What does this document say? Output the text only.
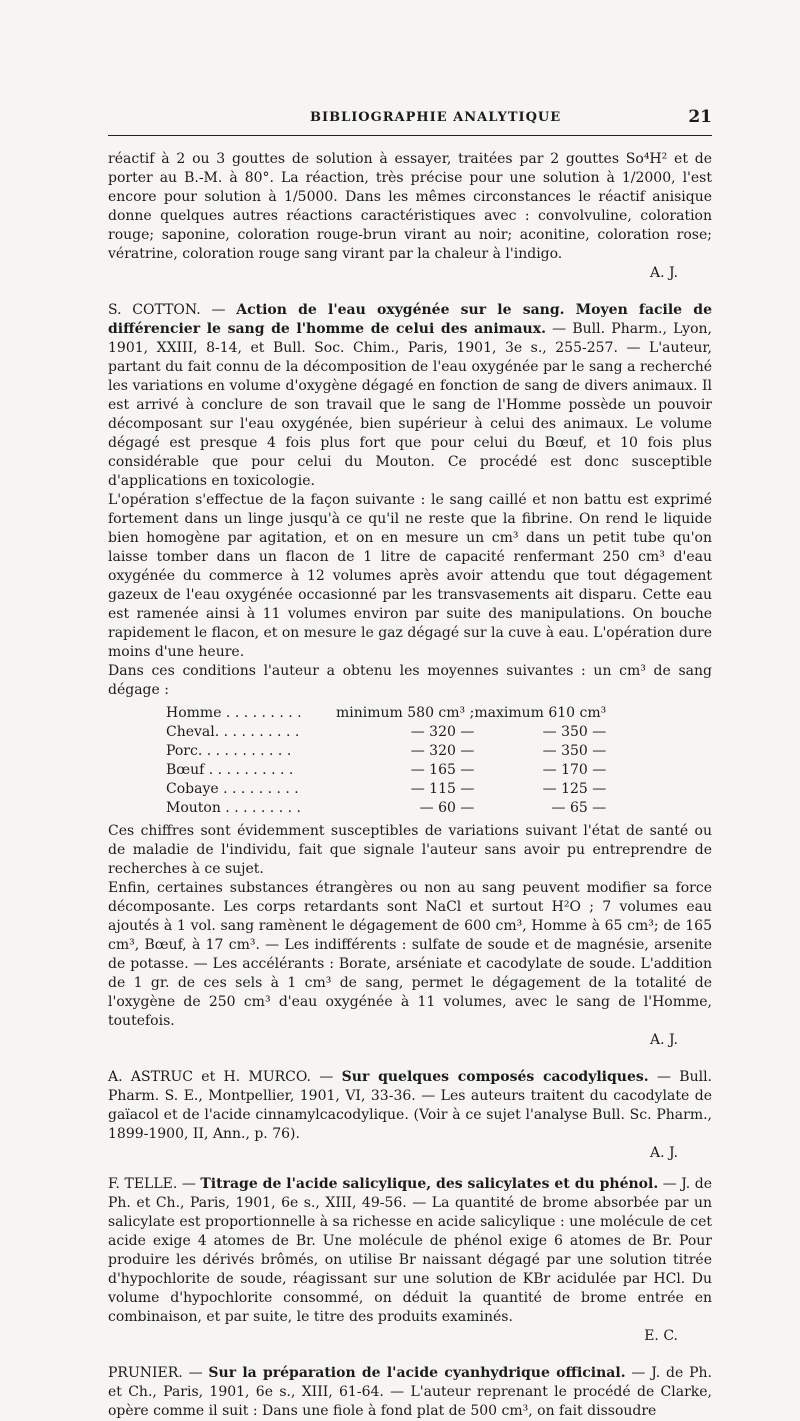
BIBLIOGRAPHIE ANALYTIQUE	21

réactif à 2 ou 3 gouttes de solution à essayer, traitées par 2 gouttes So⁴H² et de porter au B.-M. à 80°. La réaction, très précise pour une solution à 1/2000, l'est encore pour solution à 1/5000. Dans les mêmes circonstances le réactif anisique donne quelques autres réactions caractéristiques avec : convolvuline, coloration rouge; saponine, coloration rouge-brun virant au noir; aconitine, coloration rose; vératrine, coloration rouge sang virant par la chaleur à l'indigo.

A. J.

S. COTTON. — Action de l'eau oxygénée sur le sang. Moyen facile de différencier le sang de l'homme de celui des animaux. — Bull. Pharm., Lyon, 1901, XXIII, 8-14, et Bull. Soc. Chim., Paris, 1901, 3e s., 255-257. — L'auteur, partant du fait connu de la décomposition de l'eau oxygénée par le sang a recherché les variations en volume d'oxygène dégagé en fonction de sang de divers animaux. Il est arrivé à conclure de son travail que le sang de l'Homme possède un pouvoir décomposant sur l'eau oxygénée, bien supérieur à celui des animaux. Le volume dégagé est presque 4 fois plus fort que pour celui du Bœuf, et 10 fois plus considérable que pour celui du Mouton. Ce procédé est donc susceptible d'applications en toxicologie.

L'opération s'effectue de la façon suivante : le sang caillé et non battu est exprimé fortement dans un linge jusqu'à ce qu'il ne reste que la fibrine. On rend le liquide bien homogène par agitation, et on en mesure un cm³ dans un petit tube qu'on laisse tomber dans un flacon de 1 litre de capacité renfermant 250 cm³ d'eau oxygénée du commerce à 12 volumes après avoir attendu que tout dégagement gazeux de l'eau oxygénée occasionné par les transvasements ait disparu. Cette eau est ramenée ainsi à 11 volumes environ par suite des manipulations. On bouche rapidement le flacon, et on mesure le gaz dégagé sur la cuve à eau. L'opération dure moins d'une heure.

Dans ces conditions l'auteur a obtenu les moyennes suivantes : un cm³ de sang dégage :

Homme . . . . . . . . .	minimum 580 cm³ ;	maximum 610 cm³
Cheval. . . . . . . . . .	— 320 —	— 350 —
Porc. . . . . . . . . . .	— 320 —	— 350 —
Bœuf . . . . . . . . . .	— 165 —	— 170 —
Cobaye . . . . . . . . .	— 115 —	— 125 —
Mouton . . . . . . . . .	— 60 —	— 65 —

Ces chiffres sont évidemment susceptibles de variations suivant l'état de santé ou de maladie de l'individu, fait que signale l'auteur sans avoir pu entreprendre de recherches à ce sujet.

Enfin, certaines substances étrangères ou non au sang peuvent modifier sa force décomposante. Les corps retardants sont NaCl et surtout H²O ; 7 volumes eau ajoutés à 1 vol. sang ramènent le dégagement de 600 cm³, Homme à 65 cm³; de 165 cm³, Bœuf, à 17 cm³. — Les indifférents : sulfate de soude et de magnésie, arsenite de potasse. — Les accélérants : Borate, arséniate et cacodylate de soude. L'addition de 1 gr. de ces sels à 1 cm³ de sang, permet le dégagement de la totalité de l'oxygène de 250 cm³ d'eau oxygénée à 11 volumes, avec le sang de l'Homme, toutefois.

A. J.

A. ASTRUC et H. MURCO. — Sur quelques composés cacodyliques. — Bull. Pharm. S. E., Montpellier, 1901, VI, 33-36. — Les auteurs traitent du cacodylate de gaïacol et de l'acide cinnamylcacodylique. (Voir à ce sujet l'analyse Bull. Sc. Pharm., 1899-1900, II, Ann., p. 76).

A. J.

F. TELLE. — Titrage de l'acide salicylique, des salicylates et du phénol. — J. de Ph. et Ch., Paris, 1901, 6e s., XIII, 49-56. — La quantité de brome absorbée par un salicylate est proportionnelle à sa richesse en acide salicylique : une molécule de cet acide exige 4 atomes de Br. Une molécule de phénol exige 6 atomes de Br. Pour produire les dérivés brômés, on utilise Br naissant dégagé par une solution titrée d'hypochlorite de soude, réagissant sur une solution de KBr acidulée par HCl. Du volume d'hypochlorite consommé, on déduit la quantité de brome entrée en combinaison, et par suite, le titre des produits examinés.

E. C.

PRUNIER. — Sur la préparation de l'acide cyanhydrique officinal. — J. de Ph. et Ch., Paris, 1901, 6e s., XIII, 61-64. — L'auteur reprenant le procédé de Clarke, opère comme il suit : Dans une fiole à fond plat de 500 cm³, on fait dissoudre
